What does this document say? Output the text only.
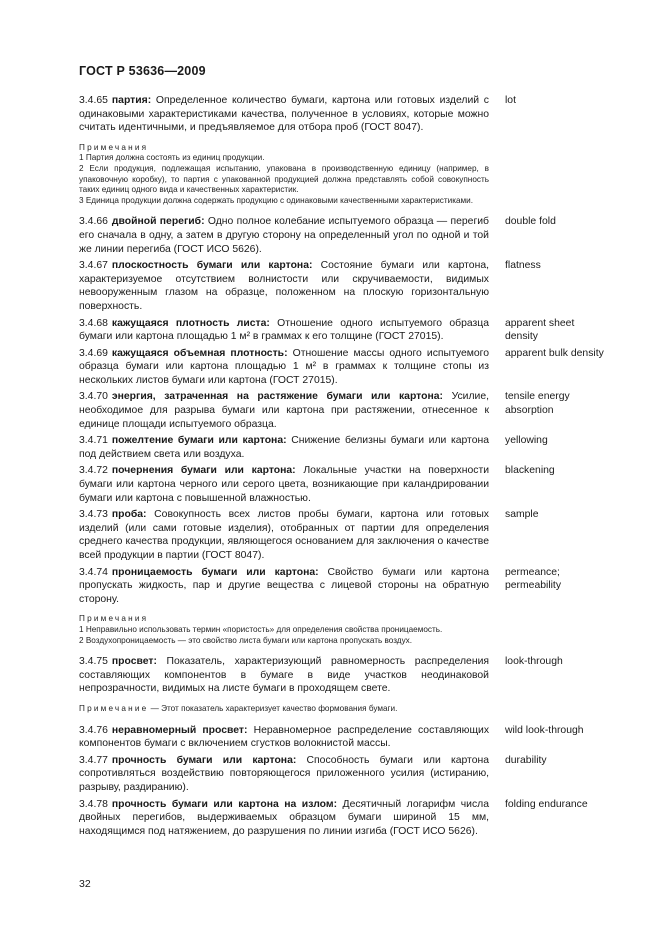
ГОСТ Р 53636—2009
3.4.65 партия: Определенное количество бумаги, картона или готовых изделий с одинаковыми характеристиками качества, полученное в условиях, которые можно считать идентичными, и предъявляемое для отбора проб (ГОСТ 8047).
lot
Примечания
1 Партия должна состоять из единиц продукции.
2 Если продукция, подлежащая испытанию, упакована в производственную единицу (например, в упаковочную коробку), то партия с упакованной продукцией должна представлять собой совокупность таких единиц одного вида и качественных характеристик.
3 Единица продукции должна содержать продукцию с одинаковыми качественными характеристиками.
3.4.66 двойной перегиб: Одно полное колебание испытуемого образца — перегиб его сначала в одну, а затем в другую сторону на определенный угол по одной и той же линии перегиба (ГОСТ ИСО 5626).
double fold
3.4.67 плоскостность бумаги или картона: Состояние бумаги или картона, характеризуемое отсутствием волнистости или скручиваемости, видимых невооруженным глазом на образце, положенном на плоскую горизонтальную поверхность.
flatness
3.4.68 кажущаяся плотность листа: Отношение одного испытуемого образца бумаги или картона площадью 1 м² в граммах к его толщине (ГОСТ 27015).
apparent sheet density
3.4.69 кажущаяся объемная плотность: Отношение массы одного испытуемого образца бумаги или картона площадью 1 м² в граммах к толщине стопы из нескольких листов бумаги или картона (ГОСТ 27015).
apparent bulk density
3.4.70 энергия, затраченная на растяжение бумаги или картона: Усилие, необходимое для разрыва бумаги или картона при растяжении, отнесенное к единице площади испытуемого образца.
tensile energy absorption
3.4.71 пожелтение бумаги или картона: Снижение белизны бумаги или картона под действием света или воздуха.
yellowing
3.4.72 почернения бумаги или картона: Локальные участки на поверхности бумаги или картона черного или серого цвета, возникающие при каландрировании бумаги или картона с повышенной влажностью.
blackening
3.4.73 проба: Совокупность всех листов пробы бумаги, картона или готовых изделий (или сами готовые изделия), отобранных от партии для определения среднего качества продукции, являющегося основанием для заключения о качестве всей продукции в партии (ГОСТ 8047).
sample
3.4.74 проницаемость бумаги или картона: Свойство бумаги или картона пропускать жидкость, пар и другие вещества с лицевой стороны на обратную сторону.
permeance; permeability
Примечания
1 Неправильно использовать термин «пористость» для определения свойства проницаемость.
2 Воздухопроницаемость — это свойство листа бумаги или картона пропускать воздух.
3.4.75 просвет: Показатель, характеризующий равномерность распределения составляющих компонентов в бумаге в виде участков неодинаковой непрозрачности, видимых на листе бумаги в проходящем свете.
look-through
Примечание — Этот показатель характеризует качество формования бумаги.
3.4.76 неравномерный просвет: Неравномерное распределение составляющих компонентов бумаги с включением сгустков волокнистой массы.
wild look-through
3.4.77 прочность бумаги или картона: Способность бумаги или картона сопротивляться воздействию повторяющегося приложенного усилия (истиранию, разрыву, раздиранию).
durability
3.4.78 прочность бумаги или картона на излом: Десятичный логарифм числа двойных перегибов, выдерживаемых образцом бумаги шириной 15 мм, находящимся под натяжением, до разрушения по линии изгиба (ГОСТ ИСО 5626).
folding endurance
32
